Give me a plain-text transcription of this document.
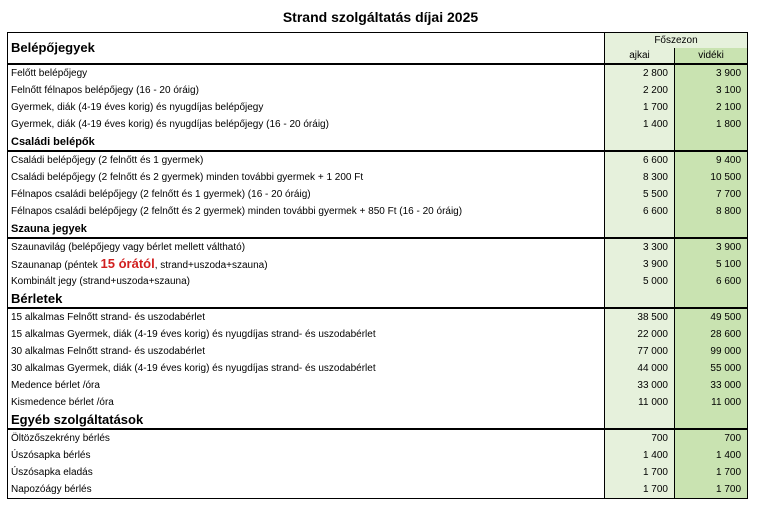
Strand szolgáltatás díjai 2025
Belépőjegyek	Főszezon	
	ajkai	vidéki
Felőtt belépőjegy	2 800	3 900
Felnőtt félnapos belépőjegy (16 - 20 óráig)	2 200	3 100
Gyermek, diák (4-19 éves korig) és nyugdíjas belépőjegy	1 700	2 100
Gyermek, diák (4-19 éves korig) és nyugdíjas belépőjegy (16 - 20 óráig)	1 400	1 800
Családi belépők		
Családi belépőjegy (2 felnőtt és 1 gyermek)	6 600	9 400
Családi belépőjegy (2 felnőtt és 2 gyermek) minden további gyermek + 1 200 Ft	8 300	10 500
Félnapos családi belépőjegy (2 felnőtt és 1 gyermek) (16 - 20 óráig)	5 500	7 700
Félnapos családi belépőjegy (2 felnőtt és 2 gyermek) minden további gyermek + 850 Ft (16 - 20 óráig)	6 600	8 800
Szauna jegyek		
Szaunavilág (belépőjegy vagy bérlet mellett váltható)	3 300	3 900
Szaunanap (péntek 15 órától, strand+uszoda+szauna)	3 900	5 100
Kombinált jegy (strand+uszoda+szauna)	5 000	6 600
Bérletek		
15 alkalmas Felnőtt strand- és uszodabérlet	38 500	49 500
15 alkalmas Gyermek, diák (4-19 éves korig) és nyugdíjas strand- és uszodabérlet	22 000	28 600
30 alkalmas Felnőtt strand- és uszodabérlet	77 000	99 000
30 alkalmas Gyermek, diák (4-19 éves korig) és nyugdíjas strand- és uszodabérlet	44 000	55 000
Medence bérlet /óra	33 000	33 000
Kismedence bérlet /óra	11 000	11 000
Egyéb szolgáltatások		
Öltözőszekrény bérlés	700	700
Úszósapka bérlés	1 400	1 400
Úszósapka eladás	1 700	1 700
Napozóágy bérlés	1 700	1 700
